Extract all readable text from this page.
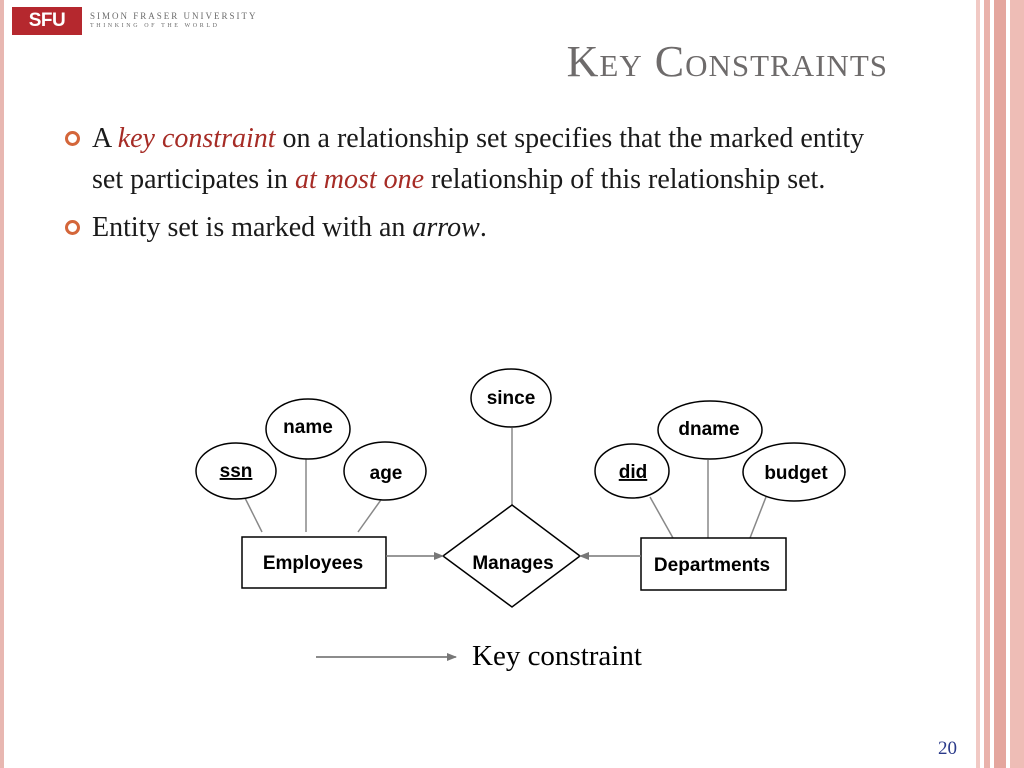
SFU	SIMON FRASER UNIVERSITY
THINKING OF THE WORLD
Key Constraints
A key constraint on a relationship set specifies that the marked entity set participates in at most one relationship of this relationship set.
Entity set is marked with an arrow.
ssn
name
age
since
did
dname
budget
Employees	Departments
Manages
Key constraint
20
